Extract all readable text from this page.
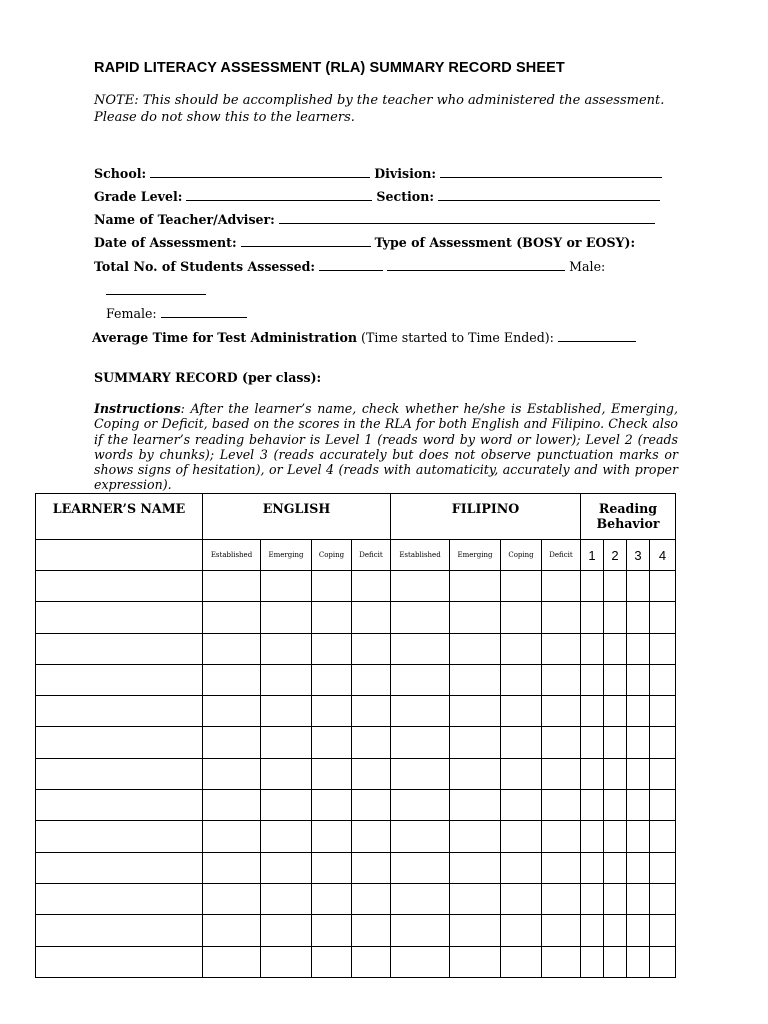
RAPID LITERACY ASSESSMENT (RLA) SUMMARY RECORD SHEET
NOTE: This should be accomplished by the teacher who administered the assessment. Please do not show this to the learners.
School:	Division:
Grade Level:	Section:
Name of Teacher/Adviser:
Date of Assessment:	Type of Assessment (BOSY or EOSY):
Total No. of Students Assessed:	Male:
Female:
Average Time for Test Administration (Time started to Time Ended):
SUMMARY RECORD (per class):
Instructions: After the learner’s name, check whether he/she is Established, Emerging, Coping or Deficit, based on the scores in the RLA for both English and Filipino. Check also if the learner’s reading behavior is Level 1 (reads word by word or lower); Level 2 (reads words by chunks); Level 3 (reads accurately but does not observe punctuation marks or shows signs of hesitation), or Level 4 (reads with automaticity, accurately and with proper expression).
LEARNER’S NAME	ENGLISH				FILIPINO				Reading Behavior			
	Established	Emerging	Coping	Deficit	Established	Emerging	Coping	Deficit	1	2	3	4
